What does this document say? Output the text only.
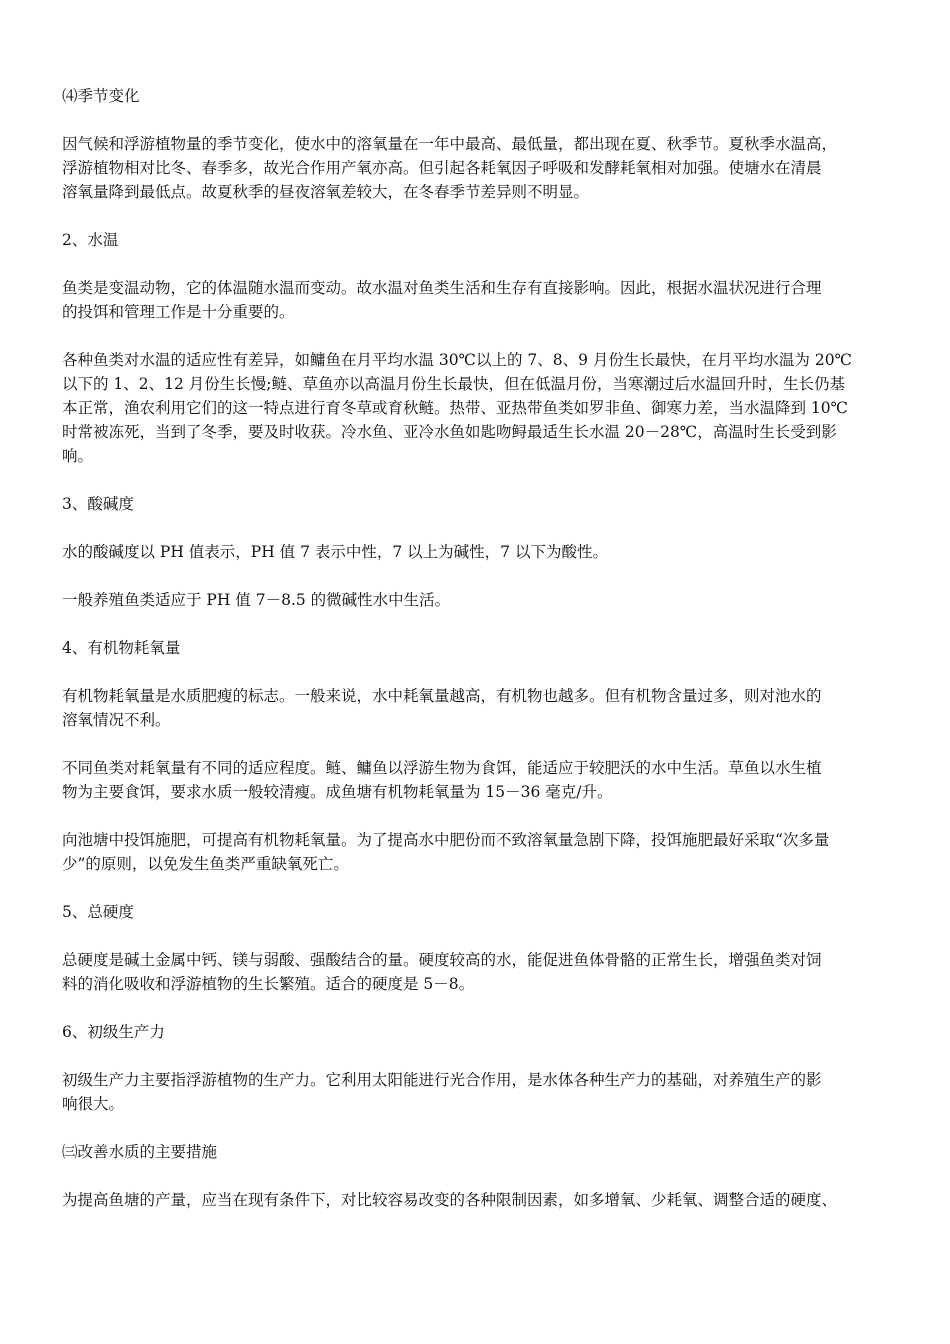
⑷季节变化
因气候和浮游植物量的季节变化，使水中的溶氧量在一年中最高、最低量，都出现在夏、秋季节。夏秋季水温高，
浮游植物相对比冬、春季多，故光合作用产氧亦高。但引起各耗氧因子呼吸和发酵耗氧相对加强。使塘水在清晨
溶氧量降到最低点。故夏秋季的昼夜溶氧差较大，在冬春季节差异则不明显。
2、水温
鱼类是变温动物，它的体温随水温而变动。故水温对鱼类生活和生存有直接影响。因此，根据水温状况进行合理
的投饵和管理工作是十分重要的。
各种鱼类对水温的适应性有差异，如鳙鱼在月平均水温 30℃以上的 7、8、9 月份生长最快，在月平均水温为 20℃
以下的 1、2、12 月份生长慢;鲢、草鱼亦以高温月份生长最快，但在低温月份，当寒潮过后水温回升时，生长仍基
本正常，渔农利用它们的这一特点进行育冬草或育秋鲢。热带、亚热带鱼类如罗非鱼、御寒力差，当水温降到 10℃
时常被冻死，当到了冬季，要及时收获。冷水鱼、亚冷水鱼如匙吻鲟最适生长水温 20－28℃，高温时生长受到影
响。
3、酸碱度
水的酸碱度以 PH 值表示，PH 值 7 表示中性，7 以上为碱性，7 以下为酸性。
一般养殖鱼类适应于 PH 值 7－8.5 的微碱性水中生活。
4、有机物耗氧量
有机物耗氧量是水质肥瘦的标志。一般来说，水中耗氧量越高，有机物也越多。但有机物含量过多，则对池水的
溶氧情况不利。
不同鱼类对耗氧量有不同的适应程度。鲢、鳙鱼以浮游生物为食饵，能适应于较肥沃的水中生活。草鱼以水生植
物为主要食饵，要求水质一般较清瘦。成鱼塘有机物耗氧量为 15－36 毫克/升。
向池塘中投饵施肥，可提高有机物耗氧量。为了提高水中肥份而不致溶氧量急剧下降，投饵施肥最好采取“次多量
少”的原则，以免发生鱼类严重缺氧死亡。
5、总硬度
总硬度是碱土金属中钙、镁与弱酸、强酸结合的量。硬度较高的水，能促进鱼体骨骼的正常生长，增强鱼类对饲
料的消化吸收和浮游植物的生长繁殖。适合的硬度是 5－8。
6、初级生产力
初级生产力主要指浮游植物的生产力。它利用太阳能进行光合作用，是水体各种生产力的基础，对养殖生产的影
响很大。
㈢改善水质的主要措施
为提高鱼塘的产量，应当在现有条件下，对比较容易改变的各种限制因素，如多增氧、少耗氧、调整合适的硬度、
